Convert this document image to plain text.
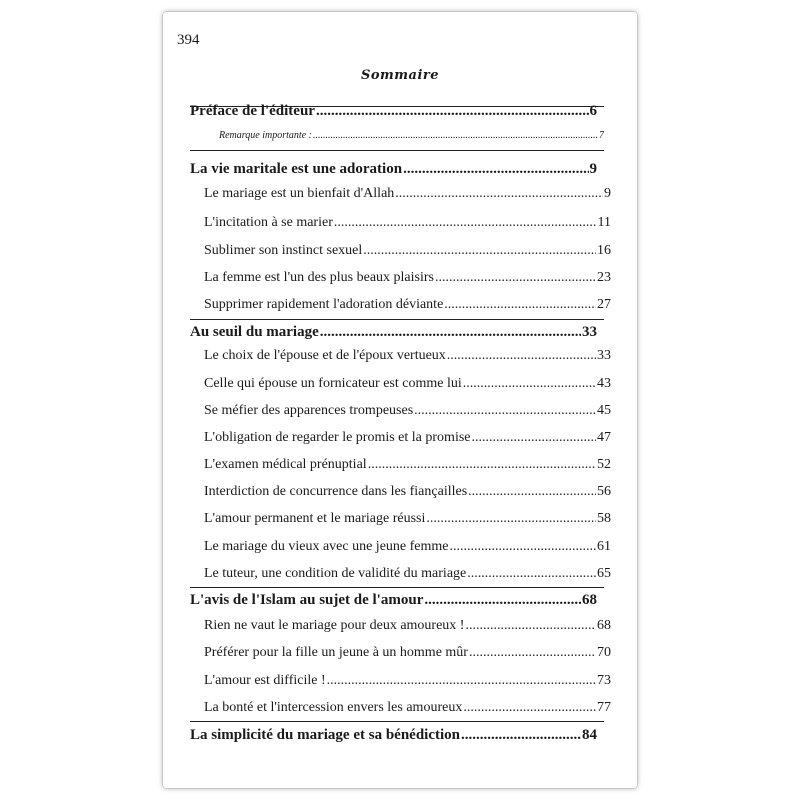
394
Sommaire
Préface de l'éditeur .....	6
Remarque importante : .....	7
La vie maritale est une adoration .....	9
Le mariage est un bienfait d'Allah .....	9
L'incitation à se marier .....	11
Sublimer son instinct sexuel .....	16
La femme est l'un des plus beaux plaisirs .....	23
Supprimer rapidement l'adoration déviante .....	27
Au seuil du mariage .....	33
Le choix de l'épouse et de l'époux vertueux .....	33
Celle qui épouse un fornicateur est comme lui .....	43
Se méfier des apparences trompeuses .....	45
L'obligation de regarder le promis et la promise .....	47
L'examen médical prénuptial .....	52
Interdiction de concurrence dans les fiançailles .....	56
L'amour permanent et le mariage réussi .....	58
Le mariage du vieux avec une jeune femme .....	61
Le tuteur, une condition de validité du mariage .....	65
L'avis de l'Islam au sujet de l'amour .....	68
Rien ne vaut le mariage pour deux amoureux ! .....	68
Préférer pour la fille un jeune à un homme mûr .....	70
L'amour est difficile ! .....	73
La bonté et l'intercession envers les amoureux .....	77
La simplicité du mariage et sa bénédiction .....	84
